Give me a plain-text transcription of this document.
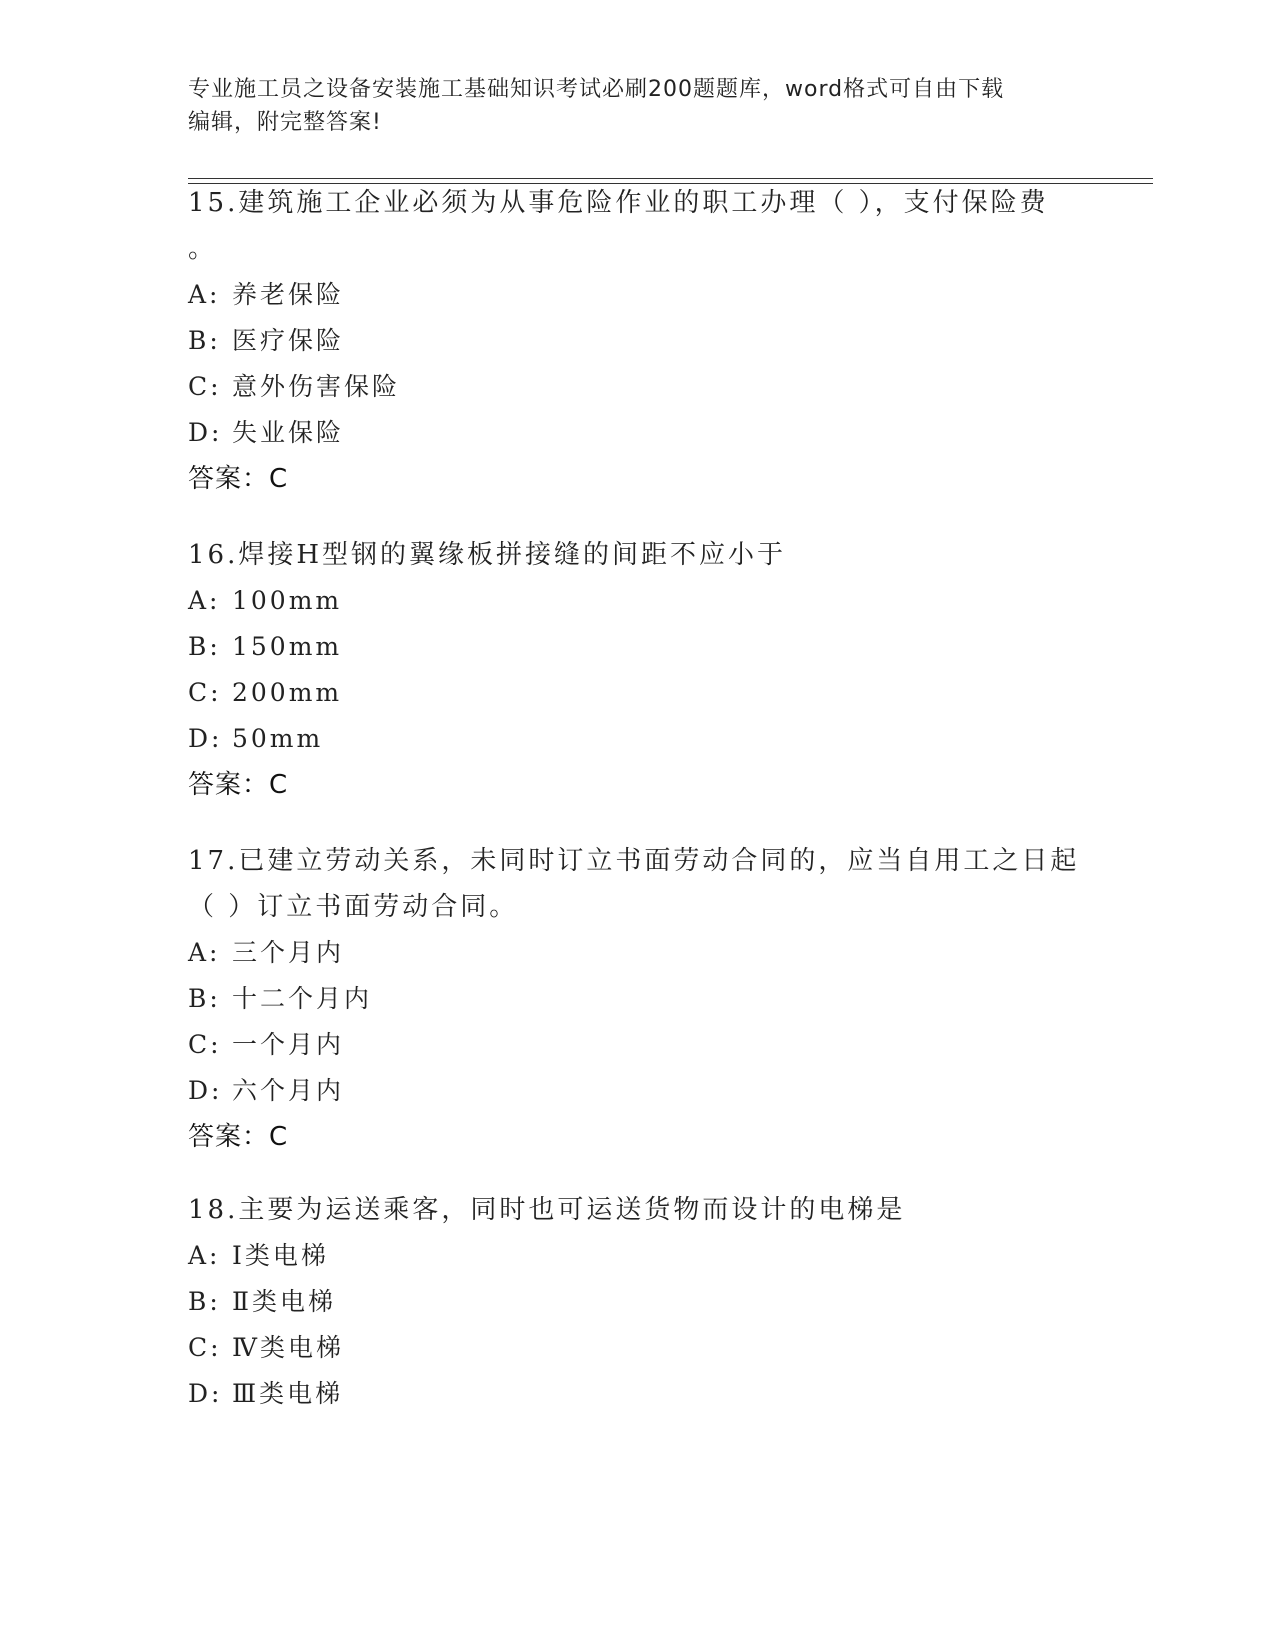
专业施工员之设备安装施工基础知识考试必刷200题题库，word格式可自由下载
编辑，附完整答案!
15.建筑施工企业必须为从事危险作业的职工办理（ ），支付保险费
。
A: 养老保险
B: 医疗保险
C: 意外伤害保险
D: 失业保险
答案：C
16.焊接H型钢的翼缘板拼接缝的间距不应小于
A: 100mm
B: 150mm
C: 200mm
D: 50mm
答案：C
17.已建立劳动关系，未同时订立书面劳动合同的，应当自用工之日起
（ ）订立书面劳动合同。
A: 三个月内
B: 十二个月内
C: 一个月内
D: 六个月内
答案：C
18.主要为运送乘客，同时也可运送货物而设计的电梯是
A: Ⅰ类电梯
B: Ⅱ类电梯
C: Ⅳ类电梯
D: Ⅲ类电梯
